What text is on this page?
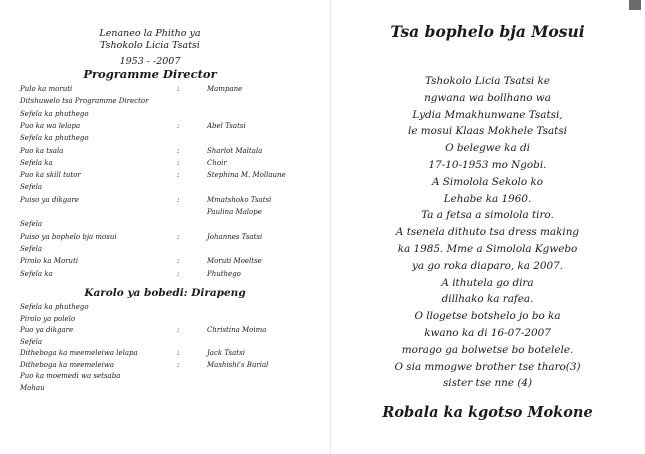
Lenaneo la Phitho ya
Tshokolo Licia Tsatsi
1953 - -2007
Programme Director
Pulo ka moruti	:	Mampane
Ditshuwelo tsa Programme Director
Sefela ka phuthego
Puo ka wa lelapa	:	Abel Tsatsi
Sefela ka phuthego
Puo ka tsala	:	Sharlot Maltala
Sefela ka	:	Choir
Puo ka skill tutor	:	Stephina M. Mollaune
Sefela
Puiso ya dikgare	:	Mmatshoko Tsatsi
Paulina Malope
Sefela
Puiso ya bophelo bja mosui	:	Johannes Tsatsi
Sefela
Pirolo ka Moruti	:	Moruti Moeltse
Sefela ka	:	Phuthego
Karolo ya bobedi: Dirapeng
Sefela ka phuthego
Pirolo ya polelo
Puo ya dikgare	:	Christina Moima
Sefela
Ditheboga ka meemeleiwa lelapa	:	Jack Tsatsi
Ditheboga ka meemeleiwa	:	Mashishi's Burial
Puo ka moemedi wa setsaba
Mohau
Tsa bophelo bja Mosui
Tshokolo Licia Tsatsi ke
ngwana wa bollhano wa
Lydia Mmakhunwane Tsatsi,
le mosui Klaas Mokhele Tsatsi
O belegwe ka di
17-10-1953 mo Ngobi.
A Simolola Sekolo ko
Lehabe ka 1960.
Ta a fetsa a simolola tiro.
A tsenela dithuto tsa dress making
ka 1985. Mme a Simolola Kgwebo
ya go roka diaparo, ka 2007.
A ithutela go dira
dillhako ka rafea.
O llogetse botshelo jo bo ka
kwano ka di 16-07-2007
morago ga bolwetse bo botelele.
O sia mmogwe brother tse tharo(3)
sister tse nne (4)
Robala ka kgotso Mokone
